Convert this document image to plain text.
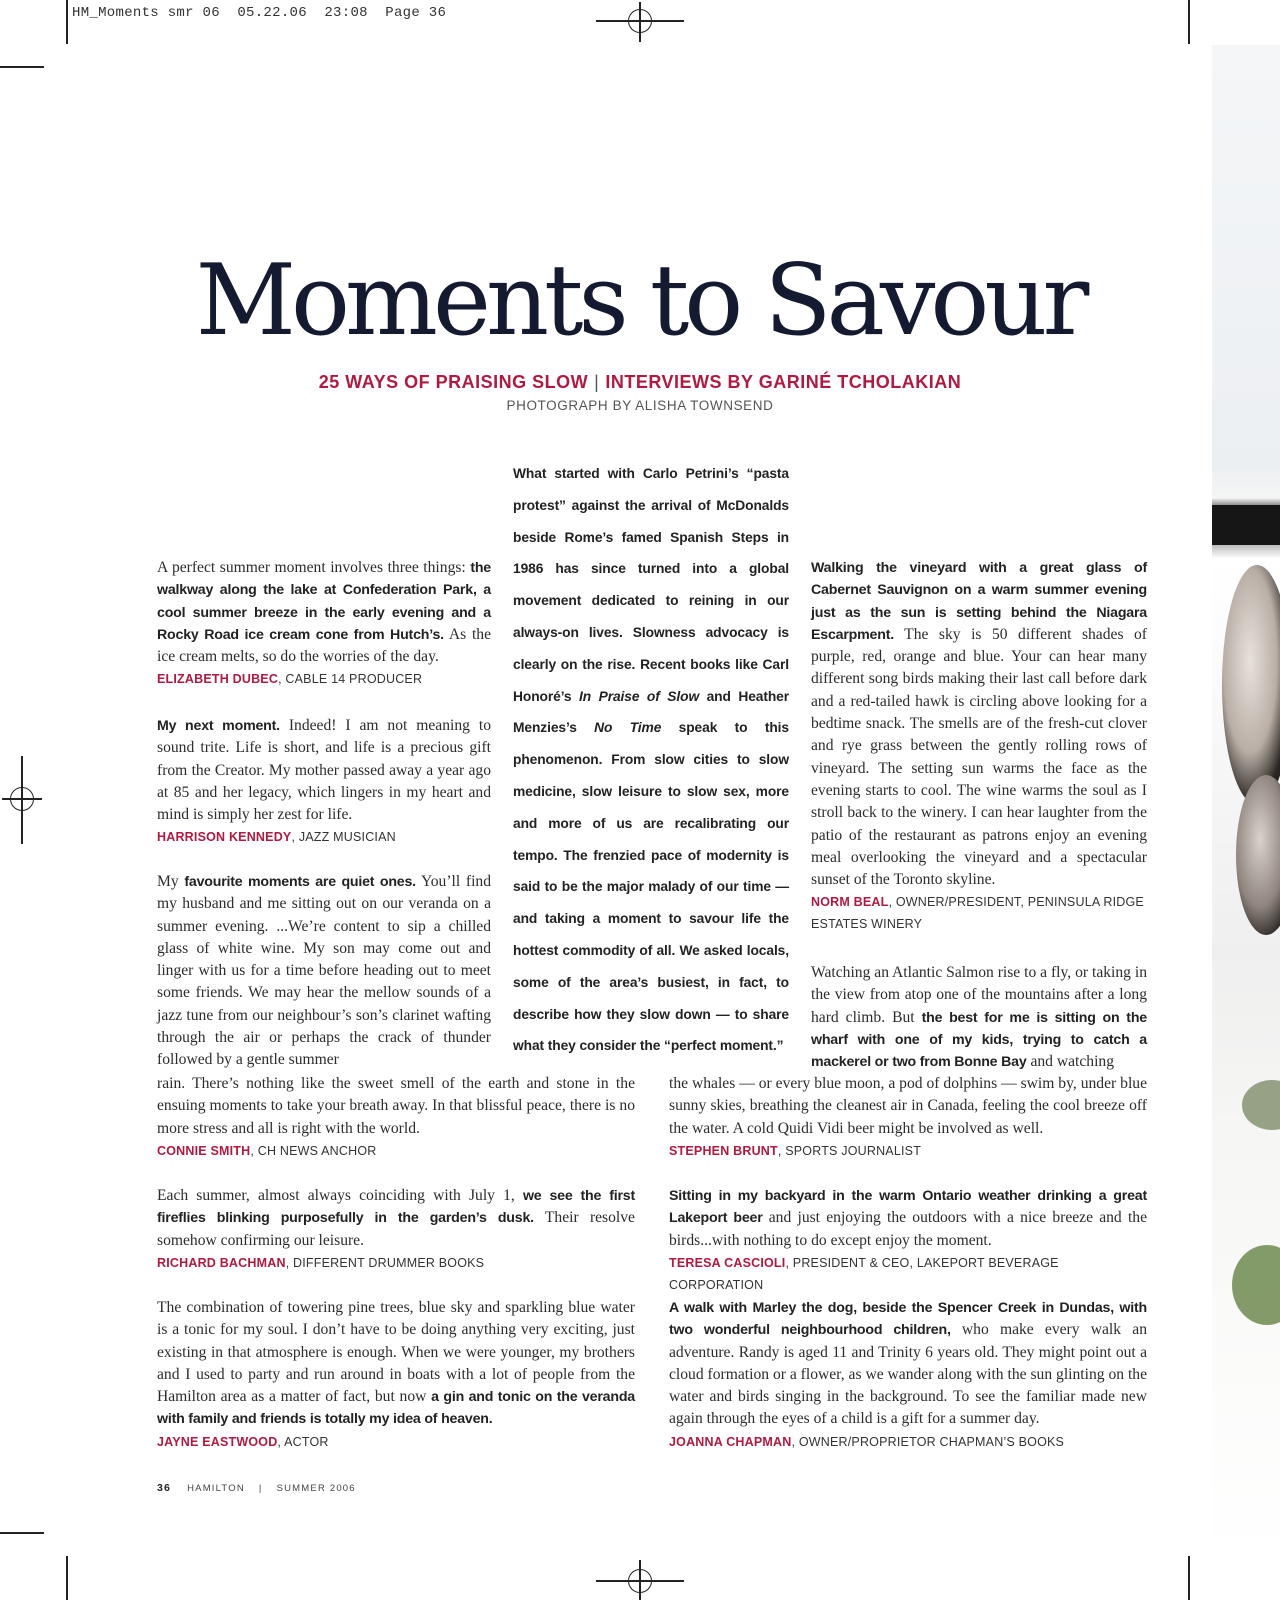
HM_Moments smr 06  05.22.06  23:08  Page 36
Moments to Savour
25 WAYS OF PRAISING SLOW | INTERVIEWS BY GARINÉ TCHOLAKIAN
PHOTOGRAPH BY ALISHA TOWNSEND
What started with Carlo Petrini’s “pasta protest” against the arrival of McDonalds beside Rome’s famed Spanish Steps in 1986 has since turned into a global movement dedicated to reining in our always-on lives. Slowness advocacy is clearly on the rise. Recent books like Carl Honoré’s In Praise of Slow and Heather Menzies’s No Time speak to this phenomenon. From slow cities to slow medicine, slow leisure to slow sex, more and more of us are recalibrating our tempo. The frenzied pace of modernity is said to be the major malady of our time — and taking a moment to savour life the hottest commodity of all. We asked locals, some of the area’s busiest, in fact, to describe how they slow down — to share what they consider the “perfect moment.”
A perfect summer moment involves three things: the walkway along the lake at Confederation Park, a cool summer breeze in the early evening and a Rocky Road ice cream cone from Hutch’s. As the ice cream melts, so do the worries of the day.
ELIZABETH DUBEC, CABLE 14 PRODUCER
My next moment. Indeed! I am not meaning to sound trite. Life is short, and life is a precious gift from the Creator. My mother passed away a year ago at 85 and her legacy, which lingers in my heart and mind is simply her zest for life.
HARRISON KENNEDY, JAZZ MUSICIAN
My favourite moments are quiet ones. You’ll find my husband and me sitting out on our veranda on a summer evening. ...We’re content to sip a chilled glass of white wine. My son may come out and linger with us for a time before heading out to meet some friends. We may hear the mellow sounds of a jazz tune from our neighbour’s son’s clarinet wafting through the air or perhaps the crack of thunder followed by a gentle summer
rain. There’s nothing like the sweet smell of the earth and stone in the ensuing moments to take your breath away. In that blissful peace, there is no more stress and all is right with the world.
CONNIE SMITH, CH NEWS ANCHOR
Each summer, almost always coinciding with July 1, we see the first fireflies blinking purposefully in the garden’s dusk. Their resolve somehow confirming our leisure.
RICHARD BACHMAN, DIFFERENT DRUMMER BOOKS
The combination of towering pine trees, blue sky and sparkling blue water is a tonic for my soul. I don’t have to be doing anything very exciting, just existing in that atmosphere is enough. When we were younger, my brothers and I used to party and run around in boats with a lot of people from the Hamilton area as a matter of fact, but now a gin and tonic on the veranda with family and friends is totally my idea of heaven.
JAYNE EASTWOOD, ACTOR
Walking the vineyard with a great glass of Cabernet Sauvignon on a warm summer evening just as the sun is setting behind the Niagara Escarpment. The sky is 50 different shades of purple, red, orange and blue. Your can hear many different song birds making their last call before dark and a red-tailed hawk is circling above looking for a bedtime snack. The smells are of the fresh-cut clover and rye grass between the gently rolling rows of vineyard. The setting sun warms the face as the evening starts to cool. The wine warms the soul as I stroll back to the winery. I can hear laughter from the patio of the restaurant as patrons enjoy an evening meal overlooking the vineyard and a spectacular sunset of the Toronto skyline.
NORM BEAL, OWNER/PRESIDENT, PENINSULA RIDGE ESTATES WINERY
Watching an Atlantic Salmon rise to a fly, or taking in the view from atop one of the mountains after a long hard climb. But the best for me is sitting on the wharf with one of my kids, trying to catch a mackerel or two from Bonne Bay and watching
the whales — or every blue moon, a pod of dolphins — swim by, under blue sunny skies, breathing the cleanest air in Canada, feeling the cool breeze off the water. A cold Quidi Vidi beer might be involved as well.
STEPHEN BRUNT, SPORTS JOURNALIST
Sitting in my backyard in the warm Ontario weather drinking a great Lakeport beer and just enjoying the outdoors with a nice breeze and the birds...with nothing to do except enjoy the moment.
TERESA CASCIOLI, PRESIDENT & CEO, LAKEPORT BEVERAGE CORPORATION
A walk with Marley the dog, beside the Spencer Creek in Dundas, with two wonderful neighbourhood children, who make every walk an adventure. Randy is aged 11 and Trinity 6 years old. They might point out a cloud formation or a flower, as we wander along with the sun glinting on the water and birds singing in the background. To see the familiar made new again through the eyes of a child is a gift for a summer day.
JOANNA CHAPMAN, OWNER/PROPRIETOR CHAPMAN’S BOOKS
36 HAMILTON | SUMMER 2006
